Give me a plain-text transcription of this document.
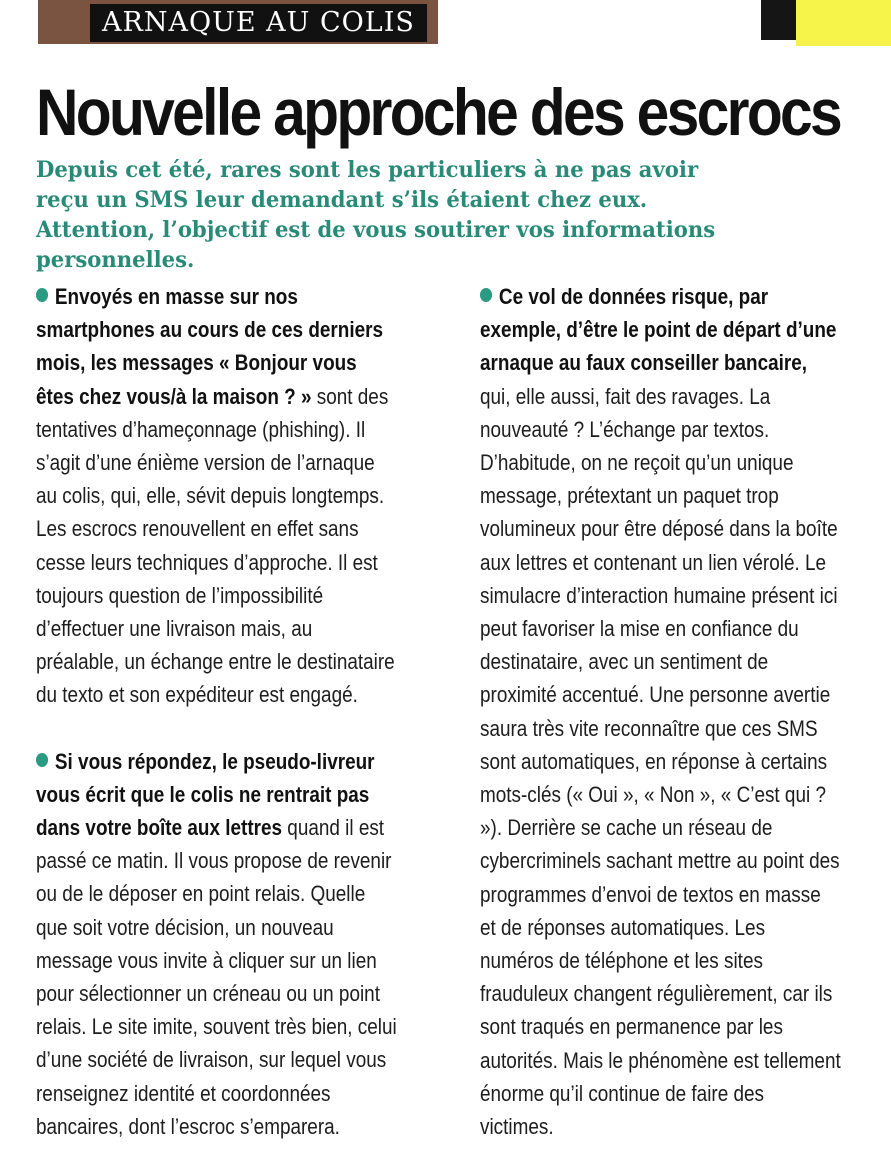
ARNAQUE AU COLIS
Nouvelle approche des escrocs
Depuis cet été, rares sont les particuliers à ne pas avoir reçu un SMS leur demandant s’ils étaient chez eux. Attention, l’objectif est de vous soutirer vos informations personnelles.

Envoyés en masse sur nos smartphones au cours de ces derniers mois, les messages « Bonjour vous êtes chez vous/à la maison ? » sont des tentatives d’hameçonnage (phishing). Il s’agit d’une énième version de l’arnaque au colis, qui, elle, sévit depuis longtemps. Les escrocs renouvellent en effet sans cesse leurs techniques d’approche. Il est toujours question de l’impossibilité d’effectuer une livraison mais, au préalable, un échange entre le destinataire du texto et son expéditeur est engagé.

Si vous répondez, le pseudo-livreur vous écrit que le colis ne rentrait pas dans votre boîte aux lettres quand il est passé ce matin. Il vous propose de revenir ou de le déposer en point relais. Quelle que soit votre décision, un nouveau message vous invite à cliquer sur un lien pour sélectionner un créneau ou un point relais. Le site imite, souvent très bien, celui d’une société de livraison, sur lequel vous renseignez identité et coordonnées bancaires, dont l’escroc s’emparera.

Ce vol de données risque, par exemple, d’être le point de départ d’une arnaque au faux conseiller bancaire, qui, elle aussi, fait des ravages. La nouveauté ? L’échange par textos. D’habitude, on ne reçoit qu’un unique message, prétextant un paquet trop volumineux pour être déposé dans la boîte aux lettres et contenant un lien vérolé. Le simulacre d’interaction humaine présent ici peut favoriser la mise en confiance du destinataire, avec un sentiment de proximité accentué. Une personne avertie saura très vite reconnaître que ces SMS sont automatiques, en réponse à certains mots-clés (« Oui », « Non », « C’est qui ? »). Derrière se cache un réseau de cybercriminels sachant mettre au point des programmes d’envoi de textos en masse et de réponses automatiques. Les numéros de téléphone et les sites frauduleux changent régulièrement, car ils sont traqués en permanence par les autorités. Mais le phénomène est tellement énorme qu’il continue de faire des victimes.
